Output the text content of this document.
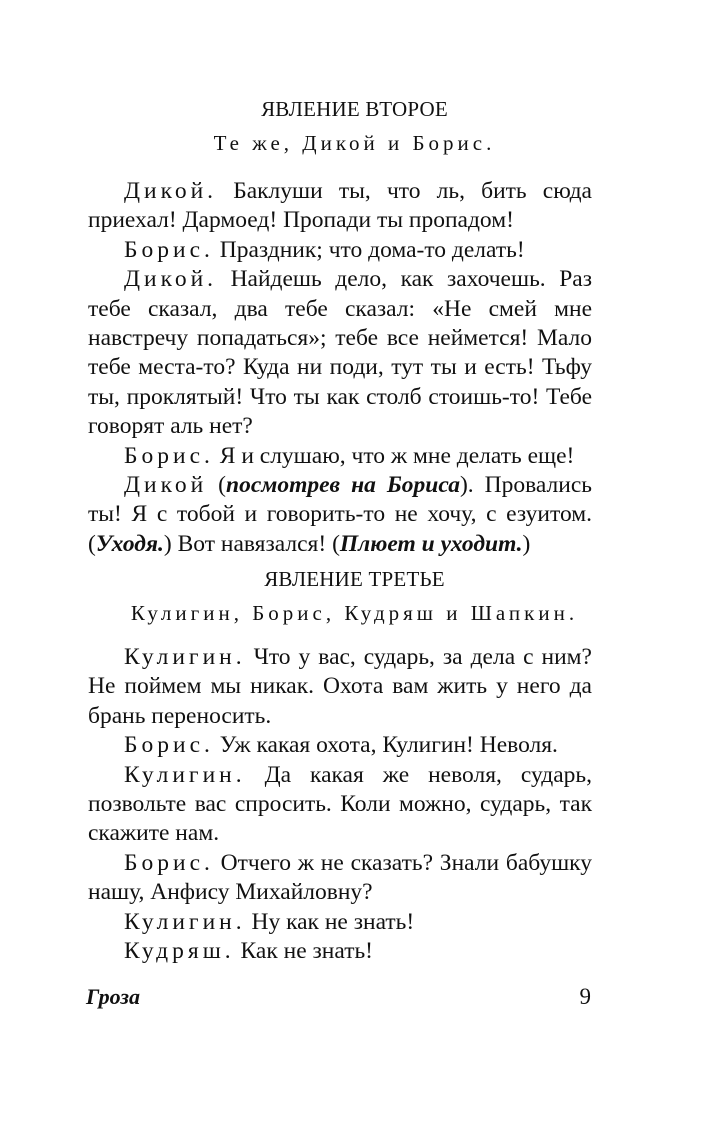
ЯВЛЕНИЕ ВТОРОЕ
Те же, Дикой и Борис.

Дикой. Баклуши ты, что ль, бить сюда приехал! Дармоед! Пропади ты пропадом!

Борис. Праздник; что дома-то делать!

Дикой. Найдешь дело, как захочешь. Раз тебе сказал, два тебе сказал: «Не смей мне навстречу попадаться»; тебе все неймется! Мало тебе места-то? Куда ни поди, тут ты и есть! Тьфу ты, проклятый! Что ты как столб стоишь-то! Тебе говорят аль нет?

Борис. Я и слушаю, что ж мне делать еще!

Дикой (посмотрев на Бориса). Провались ты! Я с тобой и говорить-то не хочу, с езуитом. (Уходя.) Вот навязался! (Плюет и уходит.)

ЯВЛЕНИЕ ТРЕТЬЕ
Кулигин, Борис, Кудряш и Шапкин.

Кулигин. Что у вас, сударь, за дела с ним? Не поймем мы никак. Охота вам жить у него да брань переносить.

Борис. Уж какая охота, Кулигин! Неволя.

Кулигин. Да какая же неволя, сударь, позвольте вас спросить. Коли можно, сударь, так скажите нам.

Борис. Отчего ж не сказать? Знали бабушку нашу, Анфису Михайловну?

Кулигин. Ну как не знать!

Кудряш. Как не знать!

Гроза	9
